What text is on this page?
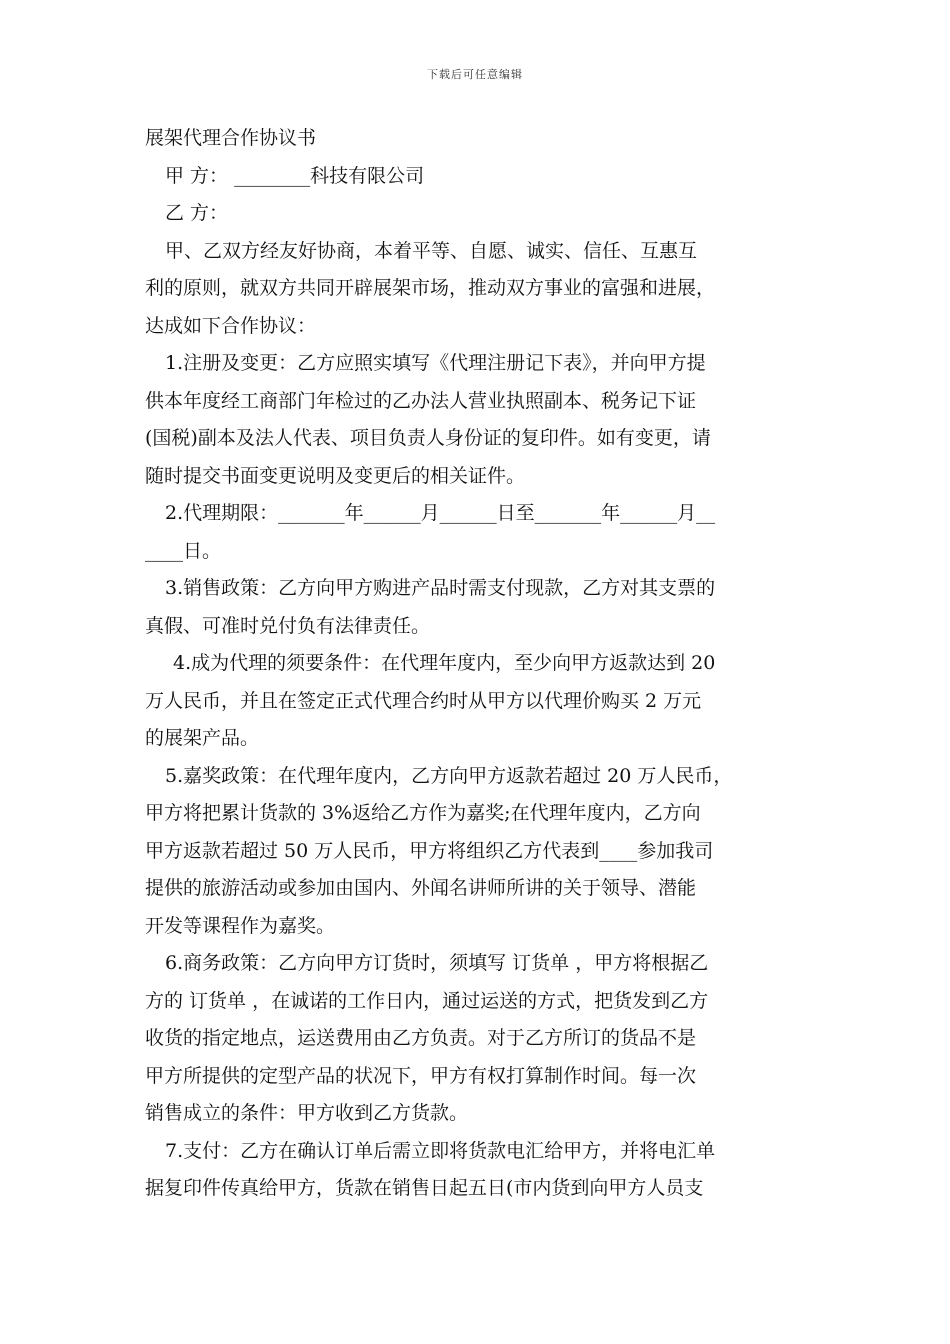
下载后可任意编辑
展架代理合作协议书
甲 方： ________科技有限公司
乙 方：
甲、乙双方经友好协商，本着平等、自愿、诚实、信任、互惠互
利的原则，就双方共同开辟展架市场，推动双方事业的富强和进展，
达成如下合作协议：
1.注册及变更：乙方应照实填写《代理注册记下表》，并向甲方提
供本年度经工商部门年检过的乙办法人营业执照副本、税务记下证
(国税)副本及法人代表、项目负责人身份证的复印件。如有变更，请
随时提交书面变更说明及变更后的相关证件。
2.代理期限：_______年______月______日至_______年______月__
____日。
3.销售政策：乙方向甲方购进产品时需支付现款，乙方对其支票的
真假、可准时兑付负有法律责任。
4.成为代理的须要条件：在代理年度内，至少向甲方返款达到 20
万人民币，并且在签定正式代理合约时从甲方以代理价购买 2 万元
的展架产品。
5.嘉奖政策：在代理年度内，乙方向甲方返款若超过 20 万人民币，
甲方将把累计货款的 3%返给乙方作为嘉奖;在代理年度内，乙方向
甲方返款若超过 50 万人民币，甲方将组织乙方代表到____参加我司
提供的旅游活动或参加由国内、外闻名讲师所讲的关于领导、潜能
开发等课程作为嘉奖。
6.商务政策：乙方向甲方订货时，须填写 订货单 ，甲方将根据乙
方的 订货单 ，在诚诺的工作日内，通过运送的方式，把货发到乙方
收货的指定地点，运送费用由乙方负责。对于乙方所订的货品不是
甲方所提供的定型产品的状况下，甲方有权打算制作时间。每一次
销售成立的条件：甲方收到乙方货款。
7.支付：乙方在确认订单后需立即将货款电汇给甲方，并将电汇单
据复印件传真给甲方，货款在销售日起五日(市内货到向甲方人员支
